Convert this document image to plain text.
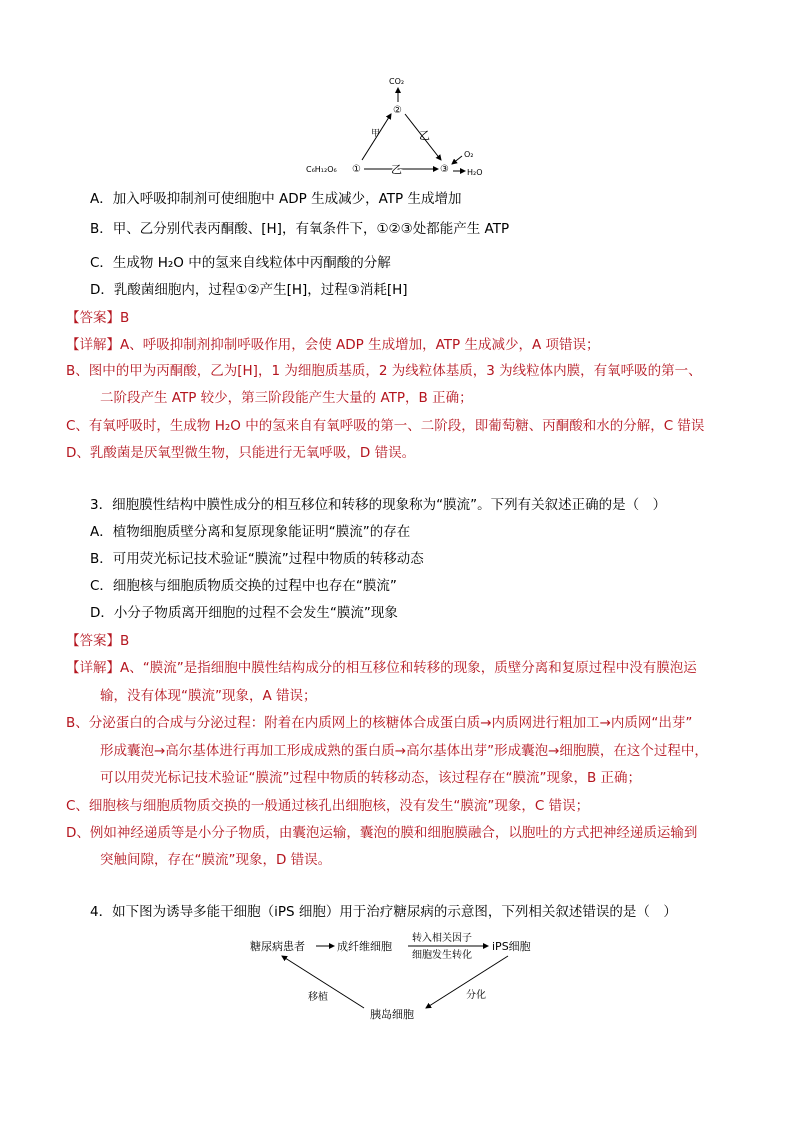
CO₂
②
甲	乙
C₆H₁₂O₆ ①	乙	③
O₂
H₂O
A．加入呼吸抑制剂可使细胞中 ADP 生成减少，ATP 生成增加
B．甲、乙分别代表丙酮酸、[H]，有氧条件下，①②③处都能产生 ATP
C．生成物 H₂O 中的氢来自线粒体中丙酮酸的分解
D．乳酸菌细胞内，过程①②产生[H]，过程③消耗[H]
【答案】B
【详解】A、呼吸抑制剂抑制呼吸作用，会使 ADP 生成增加，ATP 生成减少，A 项错误；
B、图中的甲为丙酮酸，乙为[H]，1 为细胞质基质，2 为线粒体基质，3 为线粒体内膜，有氧呼吸的第一、
二阶段产生 ATP 较少，第三阶段能产生大量的 ATP，B 正确；
C、有氧呼吸时，生成物 H₂O 中的氢来自有氧呼吸的第一、二阶段，即葡萄糖、丙酮酸和水的分解，C 错误
D、乳酸菌是厌氧型微生物，只能进行无氧呼吸，D 错误。
3．细胞膜性结构中膜性成分的相互移位和转移的现象称为“膜流”。下列有关叙述正确的是（　）
A．植物细胞质壁分离和复原现象能证明“膜流”的存在
B．可用荧光标记技术验证“膜流”过程中物质的转移动态
C．细胞核与细胞质物质交换的过程中也存在“膜流”
D．小分子物质离开细胞的过程不会发生“膜流”现象
【答案】B
【详解】A、“膜流”是指细胞中膜性结构成分的相互移位和转移的现象，质壁分离和复原过程中没有膜泡运
输，没有体现“膜流”现象，A 错误；
B、分泌蛋白的合成与分泌过程：附着在内质网上的核糖体合成蛋白质→内质网进行粗加工→内质网“出芽”
形成囊泡→高尔基体进行再加工形成成熟的蛋白质→高尔基体出芽”形成囊泡→细胞膜，在这个过程中，
可以用荧光标记技术验证“膜流”过程中物质的转移动态，该过程存在“膜流”现象，B 正确；
C、细胞核与细胞质物质交换的一般通过核孔出细胞核，没有发生“膜流”现象，C 错误；
D、例如神经递质等是小分子物质，由囊泡运输，囊泡的膜和细胞膜融合，以胞吐的方式把神经递质运输到
突触间隙，存在“膜流”现象，D 错误。
4．如下图为诱导多能干细胞（iPS 细胞）用于治疗糖尿病的示意图，下列相关叙述错误的是（　）
糖尿病患者	成纤维细胞
转入相关因子
细胞发生转化
iPS细胞
分化
胰岛细胞
移植
